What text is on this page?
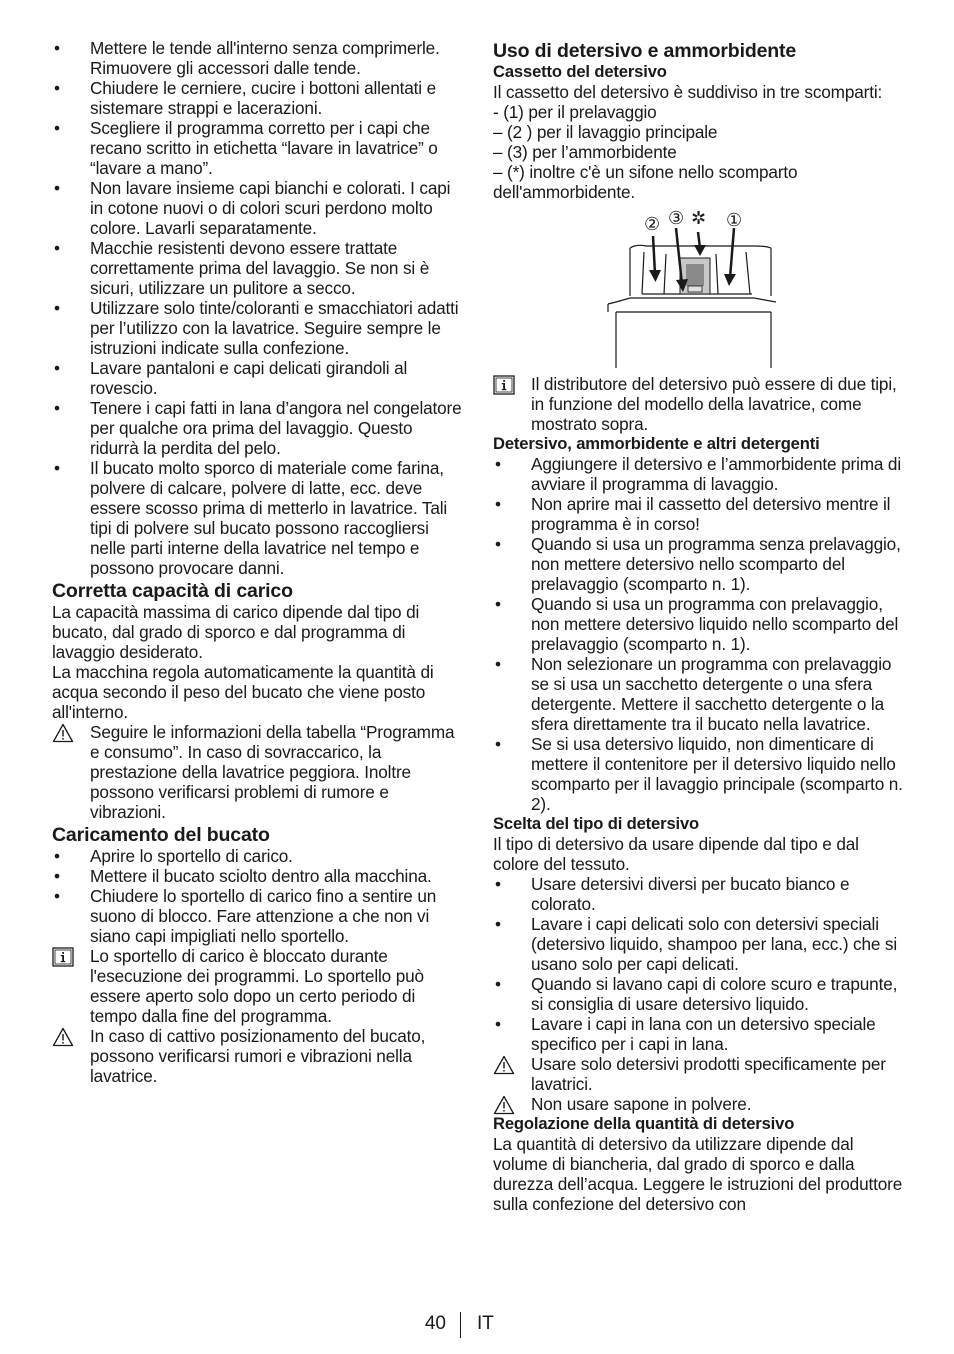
• Mettere le tende all'interno senza comprimerle. Rimuovere gli accessori dalle tende.
• Chiudere le cerniere, cucire i bottoni allentati e sistemare strappi e lacerazioni.
• Scegliere il programma corretto per i capi che recano scritto in etichetta “lavare in lavatrice” o “lavare a mano”.
• Non lavare insieme capi bianchi e colorati. I capi in cotone nuovi o di colori scuri perdono molto colore. Lavarli separatamente.
• Macchie resistenti devono essere trattate correttamente prima del lavaggio. Se non si è sicuri, utilizzare un pulitore a secco.
• Utilizzare solo tinte/coloranti e smacchiatori adatti per l’utilizzo con la lavatrice. Seguire sempre le istruzioni indicate sulla confezione.
• Lavare pantaloni e capi delicati girandoli al rovescio.
• Tenere i capi fatti in lana d’angora nel congelatore per qualche ora prima del lavaggio. Questo ridurrà la perdita del pelo.
• Il bucato molto sporco di materiale come farina, polvere di calcare, polvere di latte, ecc. deve essere scosso prima di metterlo in lavatrice. Tali tipi di polvere sul bucato possono raccogliersi nelle parti interne della lavatrice nel tempo e possono provocare danni.

Corretta capacità di carico

La capacità massima di carico dipende dal tipo di bucato, dal grado di sporco e dal programma di lavaggio desiderato.

La macchina regola automaticamente la quantità di acqua secondo il peso del bucato che viene posto all'interno.

Seguire le informazioni della tabella “Programma e consumo”. In caso di sovraccarico, la prestazione della lavatrice peggiora. Inoltre possono verificarsi problemi di rumore e vibrazioni.

Caricamento del bucato

• Aprire lo sportello di carico.
• Mettere il bucato sciolto dentro alla macchina.
• Chiudere lo sportello di carico fino a sentire un suono di blocco. Fare attenzione a che non vi siano capi impigliati nello sportello.
Lo sportello di carico è bloccato durante l'esecuzione dei programmi. Lo sportello può essere aperto solo dopo un certo periodo di tempo dalla fine del programma.
In caso di cattivo posizionamento del bucato, possono verificarsi rumori e vibrazioni nella lavatrice.

Uso di detersivo e ammorbidente

Cassetto del detersivo

Il cassetto del detersivo è suddiviso in tre scomparti:

- (1) per il prelavaggio

– (2 ) per il lavaggio principale

– (3) per l’ammorbidente

– (*) inoltre c'è un sifone nello scomparto dell'ammorbidente.

② ③ ✲ ①
Il distributore del detersivo può essere di due tipi, in funzione del modello della lavatrice, come mostrato sopra.

Detersivo, ammorbidente e altri detergenti

• Aggiungere il detersivo e l’ammorbidente prima di avviare il programma di lavaggio.
• Non aprire mai il cassetto del detersivo mentre il programma è in corso!
• Quando si usa un programma senza prelavaggio, non mettere detersivo nello scomparto del prelavaggio (scomparto n. 1).
• Quando si usa un programma con prelavaggio, non mettere detersivo liquido nello scomparto del prelavaggio (scomparto n. 1).
• Non selezionare un programma con prelavaggio se si usa un sacchetto detergente o una sfera detergente. Mettere il sacchetto detergente o la sfera direttamente tra il bucato nella lavatrice.
• Se si usa detersivo liquido, non dimenticare di mettere il contenitore per il detersivo liquido nello scomparto per il lavaggio principale (scomparto n. 2).

Scelta del tipo di detersivo

Il tipo di detersivo da usare dipende dal tipo e dal colore del tessuto.

• Usare detersivi diversi per bucato bianco e colorato.
• Lavare i capi delicati solo con detersivi speciali (detersivo liquido, shampoo per lana, ecc.) che si usano solo per capi delicati.
• Quando si lavano capi di colore scuro e trapunte, si consiglia di usare detersivo liquido.
• Lavare i capi in lana con un detersivo speciale specifico per i capi in lana.
Usare solo detersivi prodotti specificamente per lavatrici.
Non usare sapone in polvere.

Regolazione della quantità di detersivo

La quantità di detersivo da utilizzare dipende dal volume di biancheria, dal grado di sporco e dalla durezza dell’acqua. Leggere le istruzioni del produttore sulla confezione del detersivo con

40 IT
